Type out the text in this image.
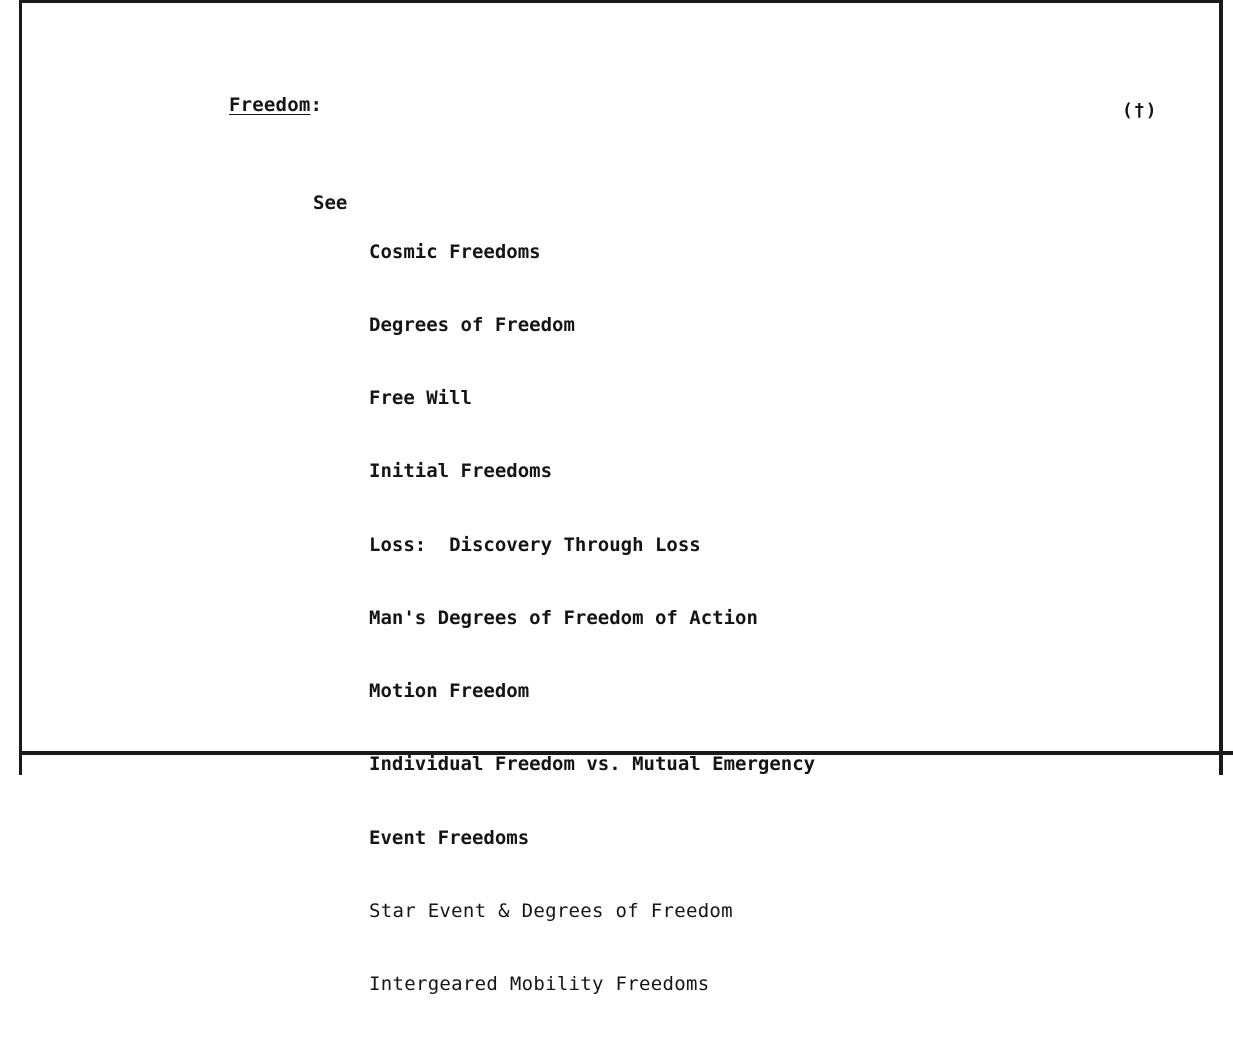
Freedom:	(†)
See

Cosmic Freedoms

Degrees of Freedom

Free Will

Initial Freedoms

Loss:  Discovery Through Loss

Man's Degrees of Freedom of Action

Motion Freedom

Individual Freedom vs. Mutual Emergency

Event Freedoms

Star Event & Degrees of Freedom

Intergeared Mobility Freedoms
